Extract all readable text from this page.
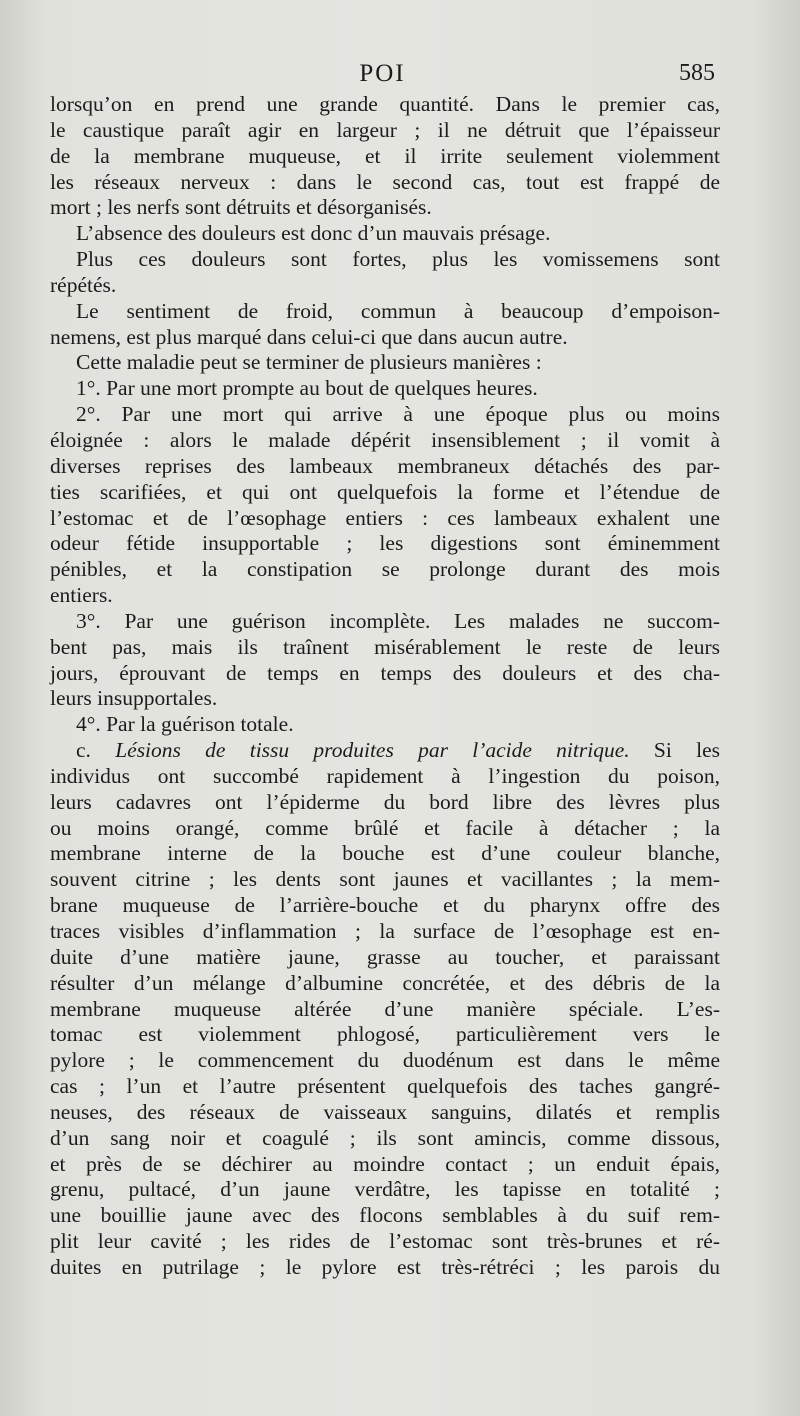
POI	585
lorsqu’on en prend une grande quantité. Dans le premier cas,
le caustique paraît agir en largeur ; il ne détruit que l’épaisseur
de la membrane muqueuse, et il irrite seulement violemment
les réseaux nerveux : dans le second cas, tout est frappé de
mort ; les nerfs sont détruits et désorganisés.
L’absence des douleurs est donc d’un mauvais présage.
Plus ces douleurs sont fortes, plus les vomissemens sont
répétés.
Le sentiment de froid, commun à beaucoup d’empoison-
nemens, est plus marqué dans celui-ci que dans aucun autre.
Cette maladie peut se terminer de plusieurs manières :
1°. Par une mort prompte au bout de quelques heures.
2°. Par une mort qui arrive à une époque plus ou moins
éloignée : alors le malade dépérit insensiblement ; il vomit à
diverses reprises des lambeaux membraneux détachés des par-
ties scarifiées, et qui ont quelquefois la forme et l’étendue de
l’estomac et de l’œsophage entiers : ces lambeaux exhalent une
odeur fétide insupportable ; les digestions sont éminemment
pénibles, et la constipation se prolonge durant des mois
entiers.
3°. Par une guérison incomplète. Les malades ne succom-
bent pas, mais ils traînent misérablement le reste de leurs
jours, éprouvant de temps en temps des douleurs et des cha-
leurs insupportales.
4°. Par la guérison totale.
c. Lésions de tissu produites par l’acide nitrique. Si les
individus ont succombé rapidement à l’ingestion du poison,
leurs cadavres ont l’épiderme du bord libre des lèvres plus
ou moins orangé, comme brûlé et facile à détacher ; la
membrane interne de la bouche est d’une couleur blanche,
souvent citrine ; les dents sont jaunes et vacillantes ; la mem-
brane muqueuse de l’arrière-bouche et du pharynx offre des
traces visibles d’inflammation ; la surface de l’œsophage est en-
duite d’une matière jaune, grasse au toucher, et paraissant
résulter d’un mélange d’albumine concrétée, et des débris de la
membrane muqueuse altérée d’une manière spéciale. L’es-
tomac est violemment phlogosé, particulièrement vers le
pylore ; le commencement du duodénum est dans le même
cas ; l’un et l’autre présentent quelquefois des taches gangré-
neuses, des réseaux de vaisseaux sanguins, dilatés et remplis
d’un sang noir et coagulé ; ils sont amincis, comme dissous,
et près de se déchirer au moindre contact ; un enduit épais,
grenu, pultacé, d’un jaune verdâtre, les tapisse en totalité ;
une bouillie jaune avec des flocons semblables à du suif rem-
plit leur cavité ; les rides de l’estomac sont très-brunes et ré-
duites en putrilage ; le pylore est très-rétréci ; les parois du
